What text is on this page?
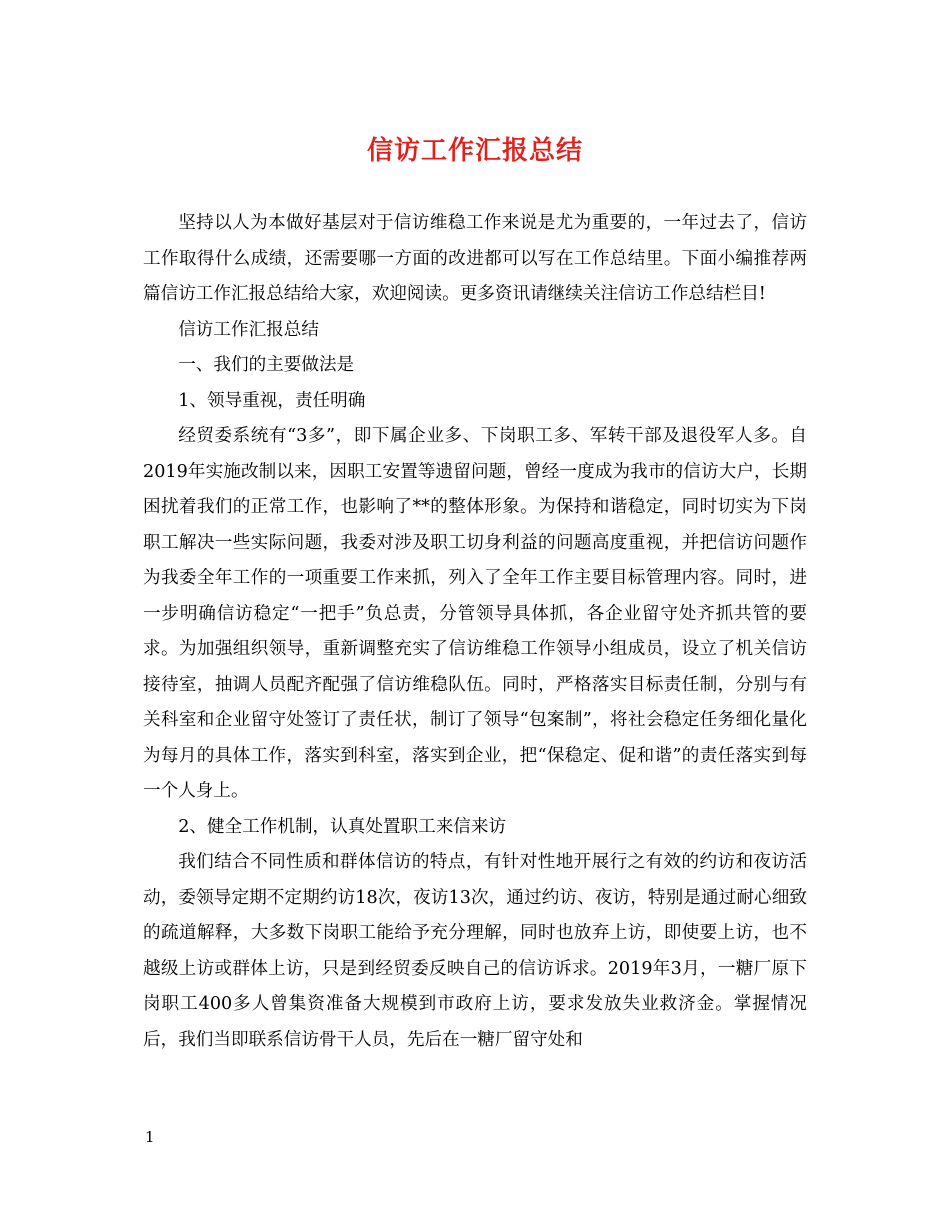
信访工作汇报总结

坚持以人为本做好基层对于信访维稳工作来说是尤为重要的，一年过去了，信访工作取得什么成绩，还需要哪一方面的改进都可以写在工作总结里。下面小编推荐两篇信访工作汇报总结给大家，欢迎阅读。更多资讯请继续关注信访工作总结栏目!

信访工作汇报总结

一、我们的主要做法是

1、领导重视，责任明确

经贸委系统有“3多”，即下属企业多、下岗职工多、军转干部及退役军人多。自2019年实施改制以来，因职工安置等遗留问题，曾经一度成为我市的信访大户，长期困扰着我们的正常工作，也影响了**的整体形象。为保持和谐稳定，同时切实为下岗职工解决一些实际问题，我委对涉及职工切身利益的问题高度重视，并把信访问题作为我委全年工作的一项重要工作来抓，列入了全年工作主要目标管理内容。同时，进一步明确信访稳定“一把手”负总责，分管领导具体抓，各企业留守处齐抓共管的要求。为加强组织领导，重新调整充实了信访维稳工作领导小组成员，设立了机关信访接待室，抽调人员配齐配强了信访维稳队伍。同时，严格落实目标责任制，分别与有关科室和企业留守处签订了责任状，制订了领导“包案制”，将社会稳定任务细化量化为每月的具体工作，落实到科室，落实到企业，把“保稳定、促和谐”的责任落实到每一个人身上。

2、健全工作机制，认真处置职工来信来访

我们结合不同性质和群体信访的特点，有针对性地开展行之有效的约访和夜访活动，委领导定期不定期约访18次，夜访13次，通过约访、夜访，特别是通过耐心细致的疏道解释，大多数下岗职工能给予充分理解，同时也放弃上访，即使要上访，也不越级上访或群体上访，只是到经贸委反映自己的信访诉求。2019年3月，一糖厂原下岗职工400多人曾集资准备大规模到市政府上访，要求发放失业救济金。掌握情况后，我们当即联系信访骨干人员，先后在一糖厂留守处和

1
